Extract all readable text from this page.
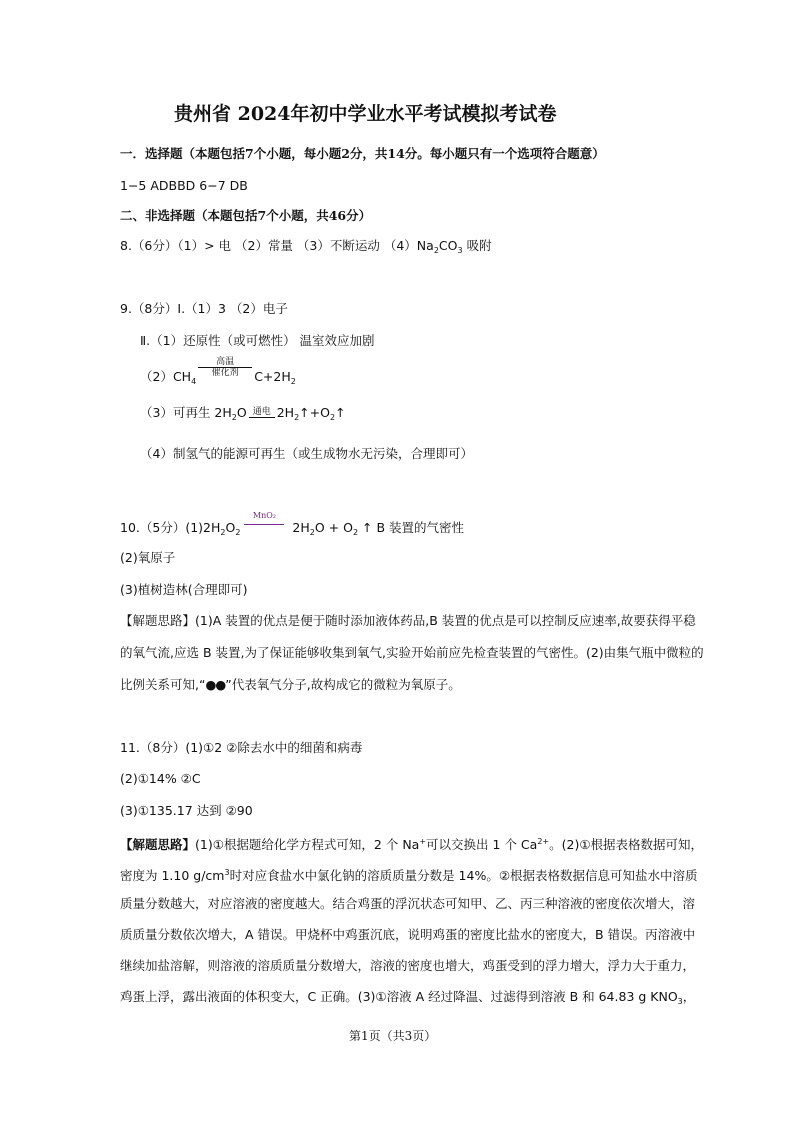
贵州省 2024年初中学业水平考试模拟考试卷
一．选择题（本题包括7个小题，每小题2分，共14分。每小题只有一个选项符合题意）
1−5 ADBBD 6−7 DB
二、非选择题（本题包括7个小题，共46分）
8.（6分）（1）> 电 （2）常量 （3）不断运动 $(4)Na_2CO_3$ 吸附
9.（8分）Ⅰ.（1）3 （2）电子
Ⅱ.（1）还原性（或可燃性） 温室效应加剧
$(2)CH_4$
高温
催化剂	$C+2H_2$
（3）可再生 $2H_2O$ 通电 $2H_2↑+O_2↑$
（4）制氢气的能源可再生（或生成物水无污染，合理即可）
10.（5分）$(1)2H_2O_2$
MnO₂
$2H_2O + O_2$ ↑ B 装置的气密性
(2)氧原子
(3)植树造林(合理即可)
【解题思路】(1)A 装置的优点是便于随时添加液体药品,B 装置的优点是可以控制反应速率,故要获得平稳
的氧气流,应选 B 装置,为了保证能够收集到氧气,实验开始前应先检查装置的气密性。(2)由集气瓶中微粒的
比例关系可知,“●●”代表氧气分子,故构成它的微粒为氧原子。
11.（8分）(1)①2 ②除去水中的细菌和病毒
(2)①14% ②C
(3)①135.17 达到 ②90
【解题思路】(1)①根据题给化学方程式可知，2 个 Na+可以交换出 1 个 $Ca^{2+}$。(2)①根据表格数据可知，
密度为 1.10 $g/cm^3$时对应食盐水中氯化钠的溶质质量分数是 14%。②根据表格数据信息可知盐水中溶质
质量分数越大，对应溶液的密度越大。结合鸡蛋的浮沉状态可知甲、乙、丙三种溶液的密度依次增大，溶
质质量分数依次增大，A 错误。甲烧杯中鸡蛋沉底，说明鸡蛋的密度比盐水的密度大，B 错误。丙溶液中
继续加盐溶解，则溶液的溶质质量分数增大，溶液的密度也增大，鸡蛋受到的浮力增大，浮力大于重力，
鸡蛋上浮，露出液面的体积变大，C 正确。(3)①溶液 A 经过降温、过滤得到溶液 B 和 64.83 g $KNO_3$，
第1页（共3页）
